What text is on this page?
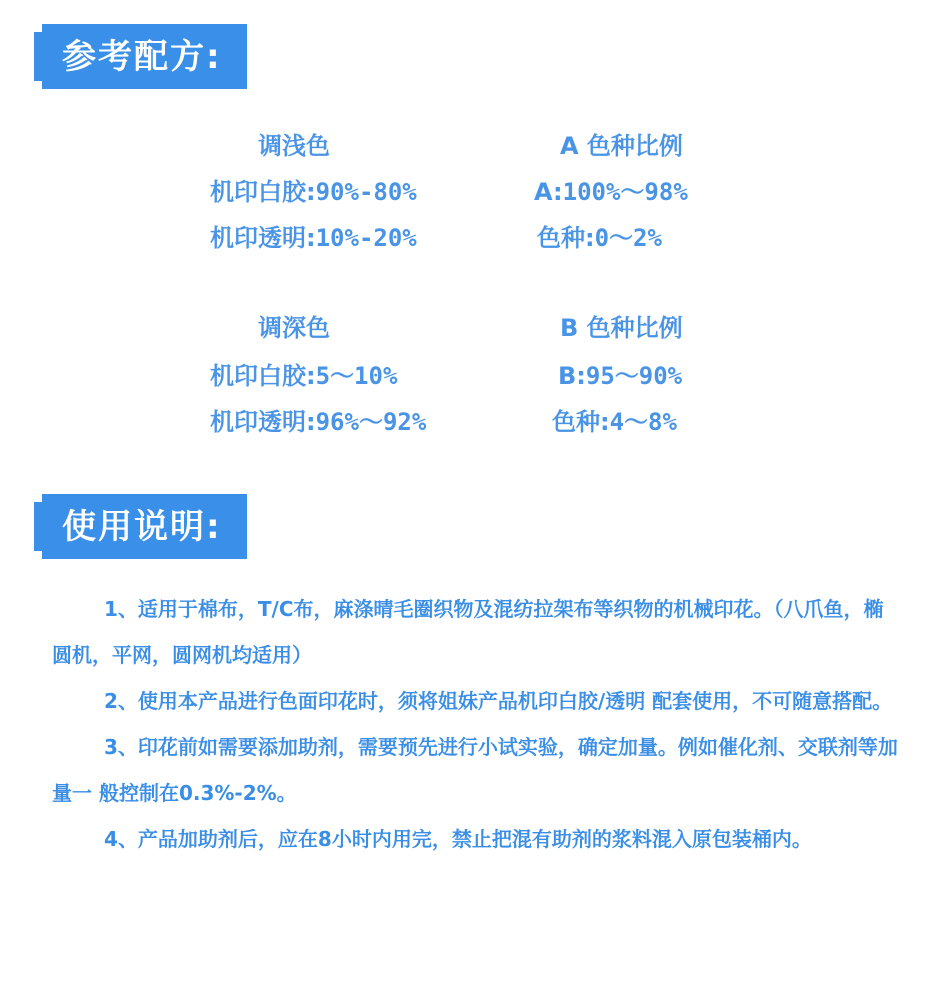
参考配方:
调浅色
机印白胶:90%-80%
机印透明:10%-20%
A 色种比例
A:100%～98%
色种:0～2%
调深色
机印白胶:5～10%
机印透明:96%～92%
B 色种比例
B:95～90%
色种:4～8%
使用说明:

1、适用于棉布，T/C布，麻涤晴毛圈织物及混纺拉架布等织物的机械印花。（八爪鱼，椭圆机，平网，圆网机均适用）

2、使用本产品进行色面印花时，须将姐妹产品机印白胶/透明 配套使用，不可随意搭配。

3、印花前如需要添加助剂，需要预先进行小试实验，确定加量。例如催化剂、交联剂等加量一 般控制在0.3%-2%。

4、产品加助剂后，应在8小时内用完，禁止把混有助剂的浆料混入原包装桶内。
